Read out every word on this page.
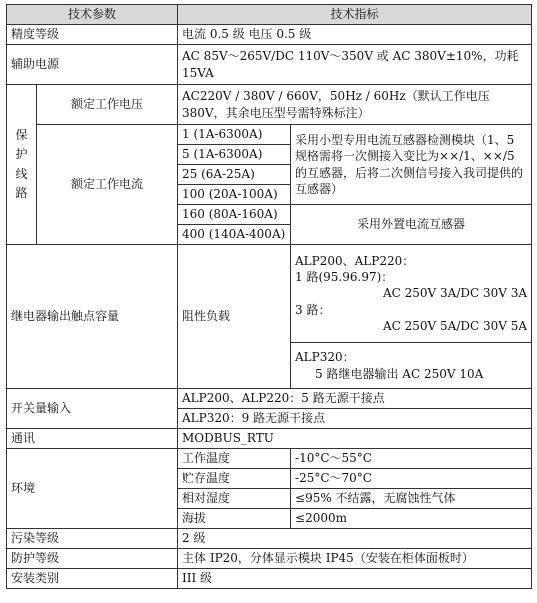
技术参数		技术指标	
精度等级		电流 0.5 级 电压 0.5 级	
辅助电源		AC 85V～265V/DC 110V～350V 或 AC 380V±10%，功耗 15VA	

保
护
线
路	额定工作电压	AC220V / 380V / 660V，50Hz / 60Hz（默认工作电压 380V，其余电压型号需特殊标注）	
	额定工作电流	1 (1A-6300A)	采用小型专用电流互感器检测模块（1、5 规格需将一次侧接入变比为××/1、××/5 的互感器，后将二次侧信号接入我司提供的互感器）
		5 (1A-6300A)	
		25 (6A-25A)	
		100 (20A-100A)	
		160 (80A-160A)	采用外置电流互感器
		400 (140A-400A)	
继电器输出触点容量		阻性负载	ALP200、ALP220：
1 路(95.96.97)：
AC 250V 3A/DC 30V 3A
3 路：
AC 250V 5A/DC 30V 5A

			ALP320：
5 路继电器输出 AC 250V 10A

开关量输入		ALP200、ALP220：5 路无源干接点	
		ALP320：9 路无源干接点	
通讯		MODBUS_RTU	
环境		工作温度	-10°C～55°C
		贮存温度	-25°C～70°C
		相对湿度	≤95% 不结露，无腐蚀性气体
		海拔	≤2000m
污染等级		2 级	
防护等级		主体 IP20，分体显示模块 IP45（安装在柜体面板时）	
安装类别		III 级	
